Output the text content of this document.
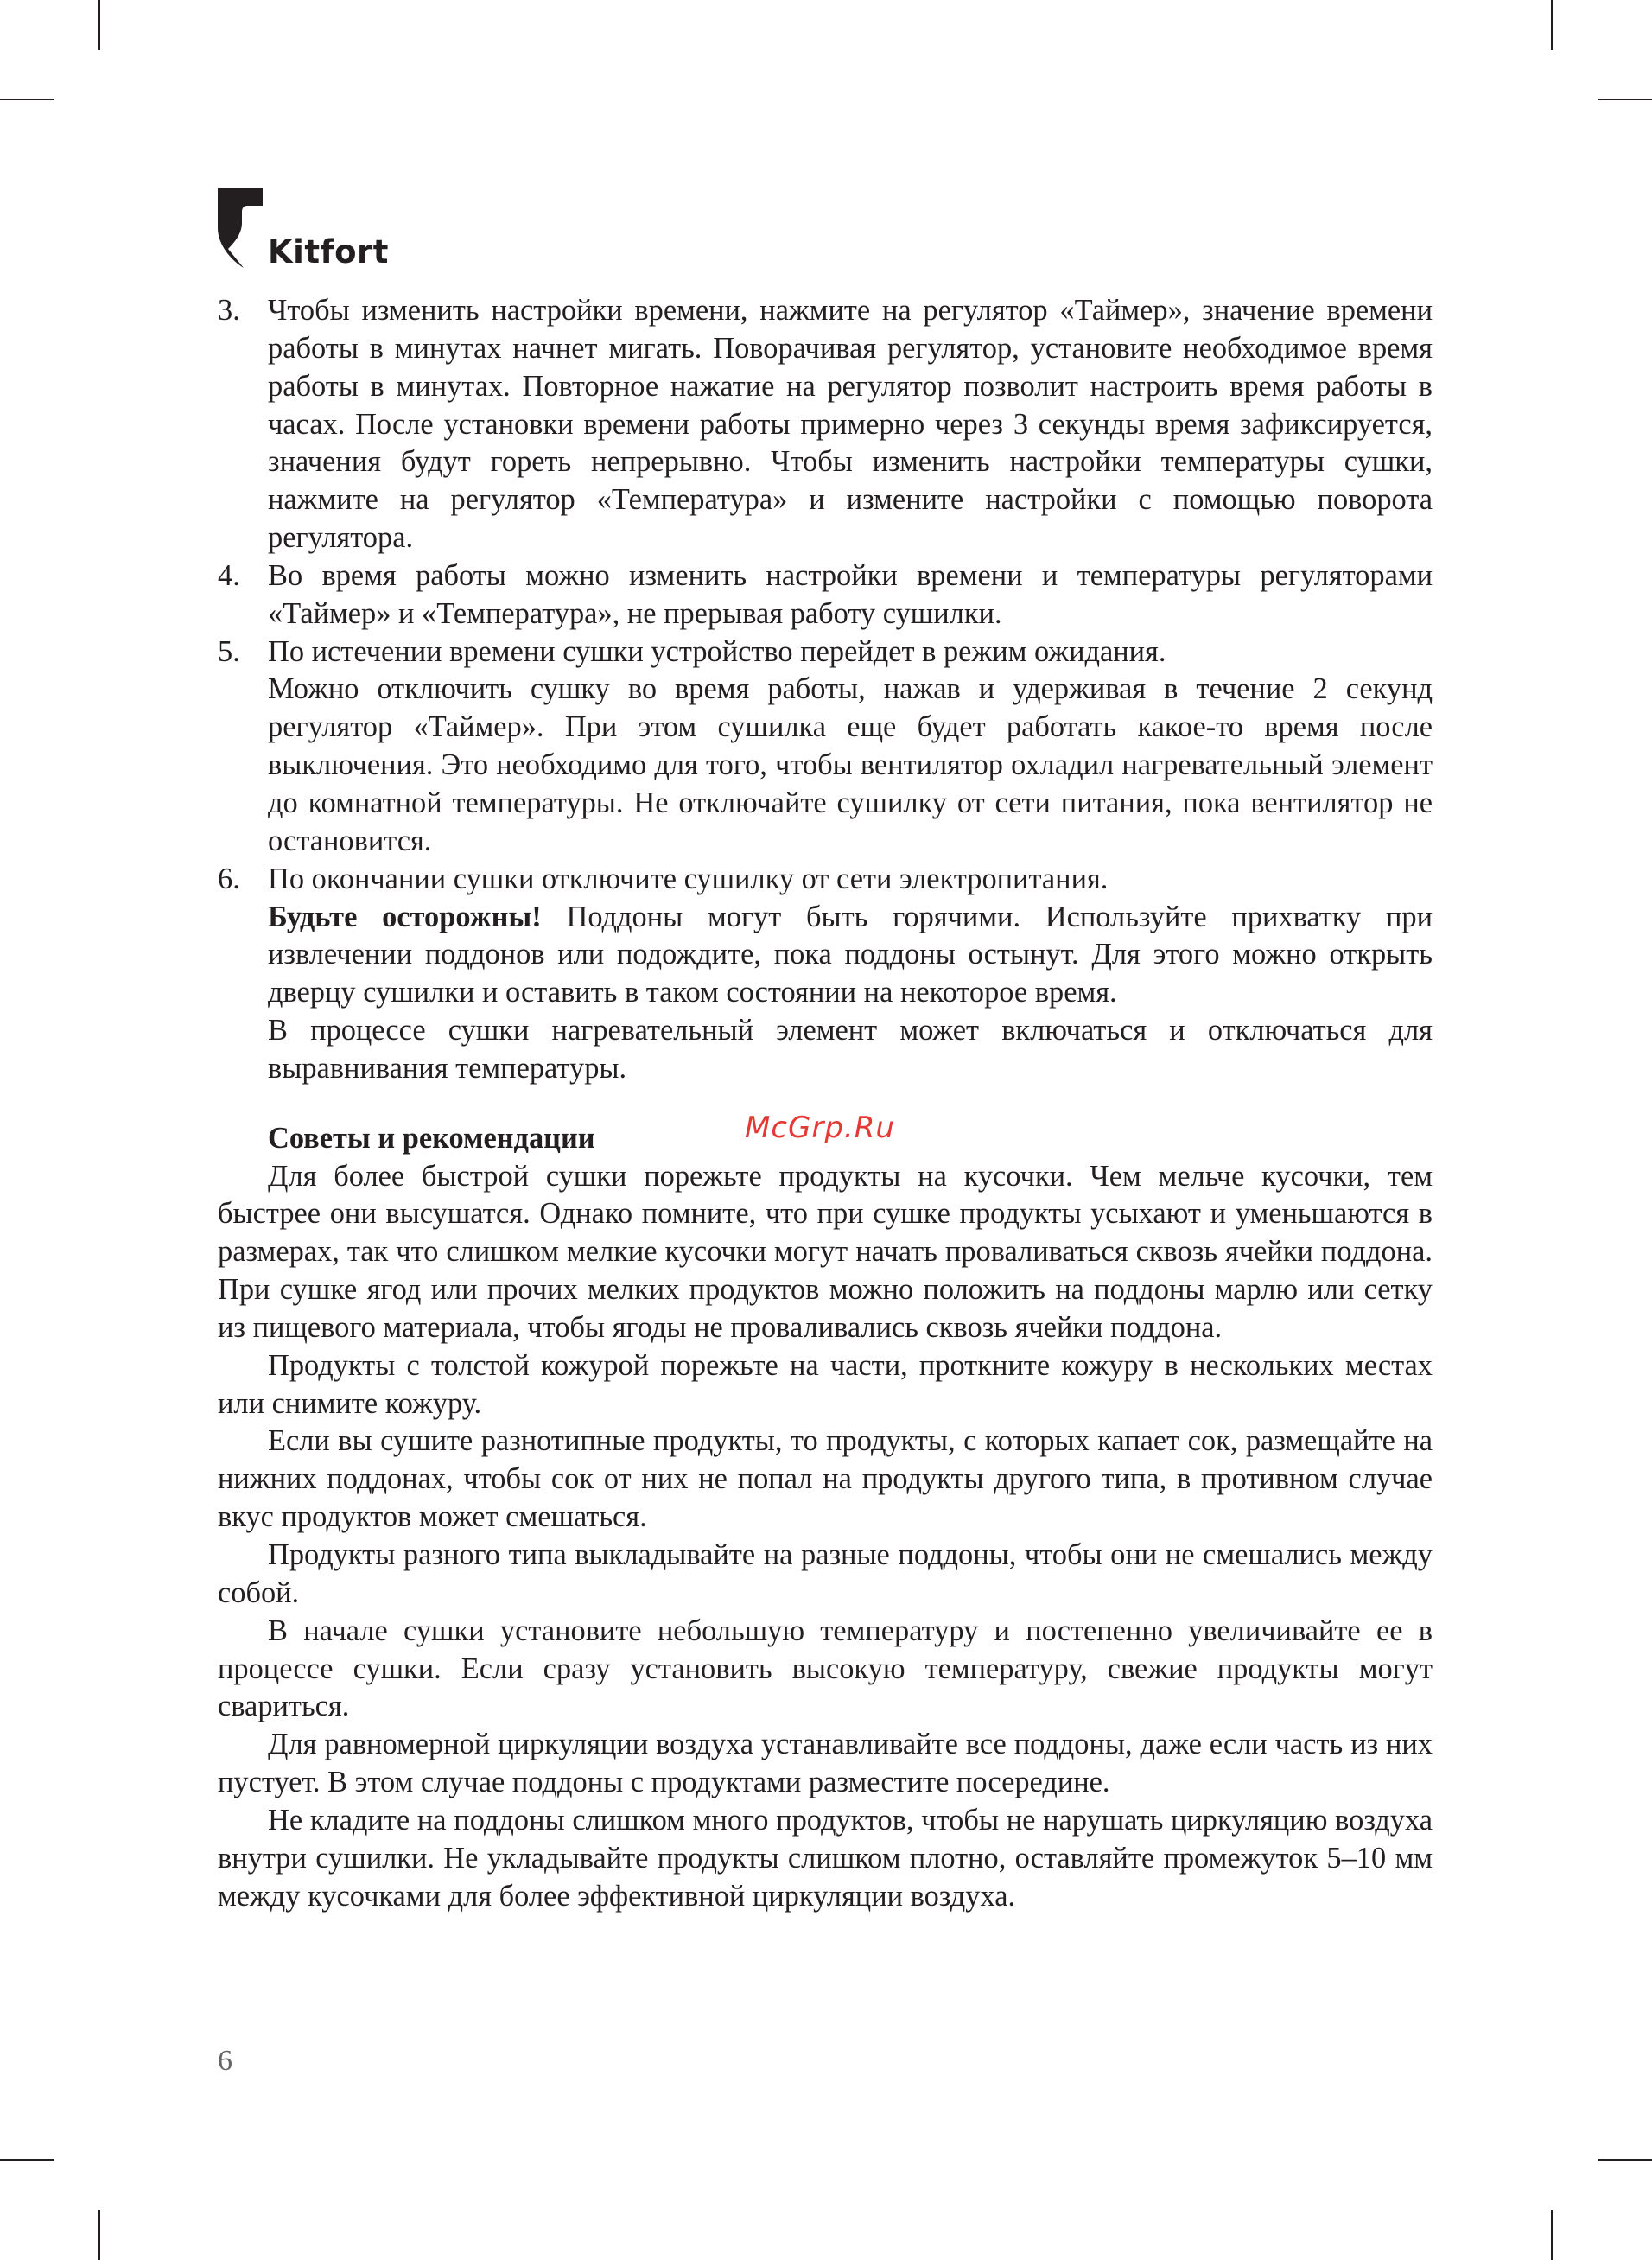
Kitfort
3. Чтобы изменить настройки времени, нажмите на регулятор «Таймер», значение времени работы в минутах начнет мигать. Поворачивая регулятор, установите необходимое время работы в минутах. Повторное нажатие на регулятор позволит настроить время работы в часах. После установки времени работы примерно через 3 секунды время зафиксируется, значения будут гореть непрерывно. Чтобы изменить настройки температуры сушки, нажмите на регулятор «Температура» и измените настройки с помощью поворота регулятора.

4. Во время работы можно изменить настройки времени и температуры регуляторами «Таймер» и «Температура», не прерывая работу сушилки.

5. По истечении времени сушки устройство перейдет в режим ожидания.

Можно отключить сушку во время работы, нажав и удерживая в течение 2 секунд регулятор «Таймер». При этом сушилка еще будет работать какое-то время после выключения. Это необходимо для того, чтобы вентилятор охладил нагревательный элемент до комнатной температуры. Не отключайте сушилку от сети питания, пока вентилятор не остановится.

6. По окончании сушки отключите сушилку от сети электропитания.

Будьте осторожны! Поддоны могут быть горячими. Используйте прихватку при извлечении поддонов или подождите, пока поддоны остынут. Для этого можно открыть дверцу сушилки и оставить в таком состоянии на некоторое время.

В процессе сушки нагревательный элемент может включаться и отключаться для выравнивания температуры.

Советы и рекомендации

Для более быстрой сушки порежьте продукты на кусочки. Чем мельче кусочки, тем быстрее они высушатся. Однако помните, что при сушке продукты усыхают и уменьшаются в размерах, так что слишком мелкие кусочки могут начать проваливаться сквозь ячейки поддона. При сушке ягод или прочих мелких продуктов можно положить на поддоны марлю или сетку из пищевого материала, чтобы ягоды не проваливались сквозь ячейки поддона.

Продукты с толстой кожурой порежьте на части, проткните кожуру в нескольких местах или снимите кожуру.

Если вы сушите разнотипные продукты, то продукты, с которых капает сок, размещайте на нижних поддонах, чтобы сок от них не попал на продукты другого типа, в противном случае вкус продуктов может смешаться.

Продукты разного типа выкладывайте на разные поддоны, чтобы они не смешались между собой.

В начале сушки установите небольшую температуру и постепенно увеличивайте ее в процессе сушки. Если сразу установить высокую температуру, свежие продукты могут свариться.

Для равномерной циркуляции воздуха устанавливайте все поддоны, даже если часть из них пустует. В этом случае поддоны с продуктами разместите посередине.

Не кладите на поддоны слишком много продуктов, чтобы не нарушать циркуляцию воздуха внутри сушилки. Не укладывайте продукты слишком плотно, оставляйте промежуток 5–10 мм между кусочками для более эффективной циркуляции воздуха.

McGrp.Ru
6
